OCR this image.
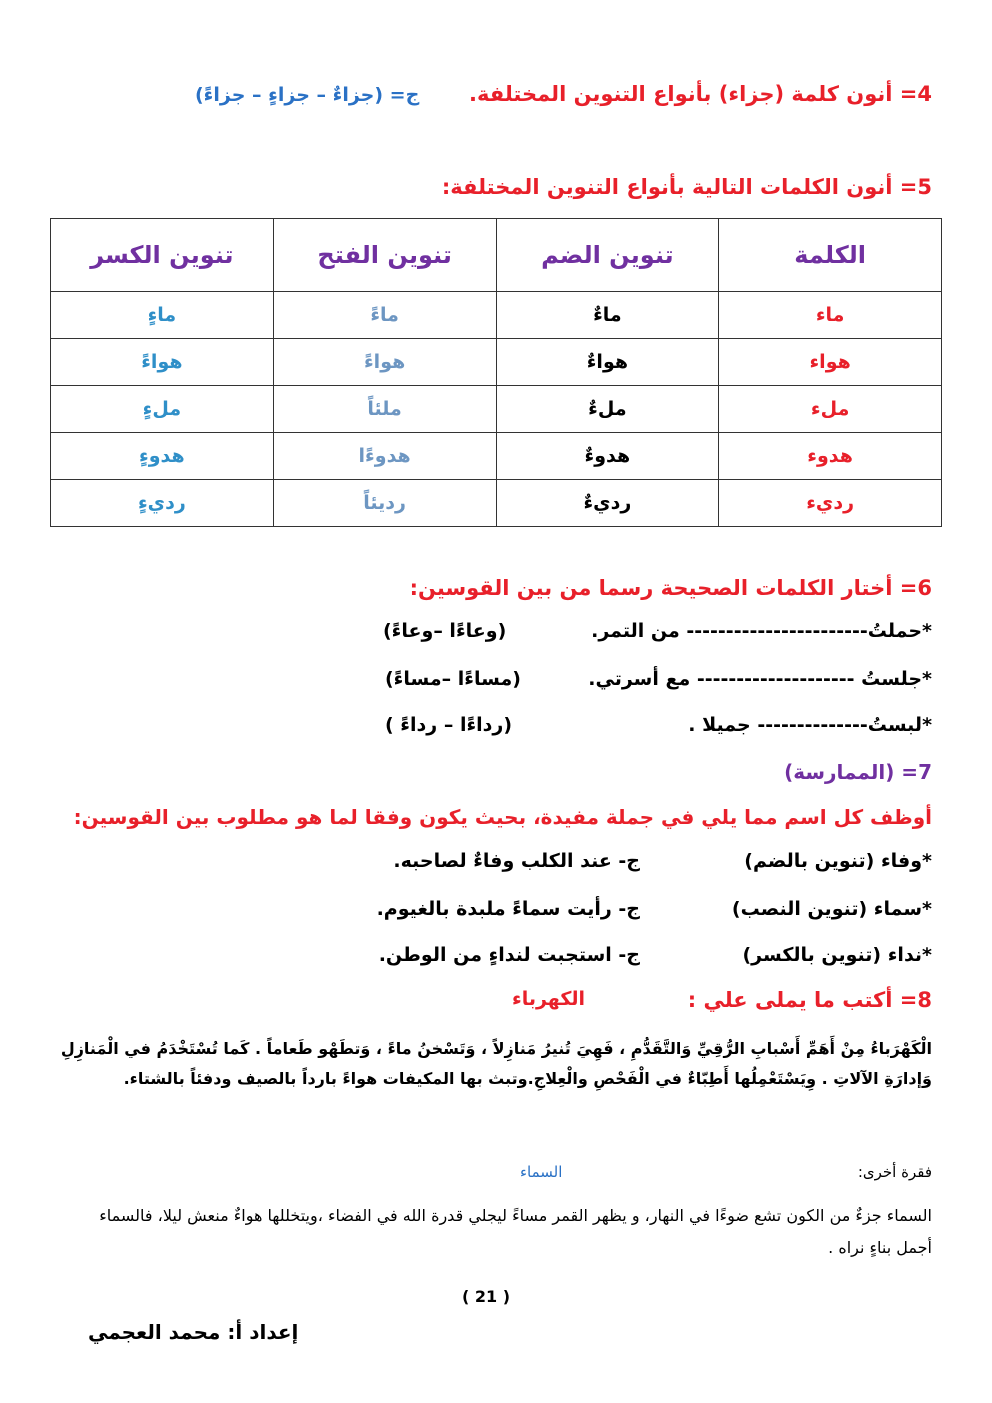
4= أنون كلمة (جزاء) بأنواع التنوين المختلفة.
ج= (جزاءٌ – جزاءٍ – جزاءً)
5= أنون الكلمات التالية بأنواع التنوين المختلفة:
الكلمة	تنوين الضم	تنوين الفتح	تنوين الكسر
ماء	ماءٌ	ماءً	ماءٍ
هواء	هواءٌ	هواءً	هواءً
ملء	ملءٌ	ملئاً	ملءٍ
هدوء	هدوءٌ	هدوءًا	هدوءٍ
رديء	رديءٌ	رديئاً	رديءٍ
6= أختار الكلمات الصحيحة رسما من بين القوسين:
*حملتُ----------------------- من التمر.
(وعاءًا –وعاءً)
*جلستُ -------------------- مع أسرتي.
(مساءًا –مساءً)
*لبستُ-------------- جميلا .
(رداءًا – رداءً )
7= (الممارسة)
أوظف كل اسم مما يلي في جملة مفيدة، بحيث يكون وفقا لما هو مطلوب بين القوسين:
*وفاء (تنوين بالضم)
ج- عند الكلب وفاءٌ لصاحبه.
*سماء (تنوين النصب)
ج- رأيت سماءً ملبدة بالغيوم.
*نداء (تنوين بالكسر)
ج- استجبت لنداءٍ من الوطن.
8= أكتب ما يملى علي :
الكهرباء
الْكَهْرَباءُ مِنْ أَهَمِّ أَسْبابِ الرُّقِيِّ وَالتَّقَدُّمِ ، فَهِيَ تُنيرُ مَنازِلاً ، وَتَسْخنُ ماءً ، وَتطَهْو طَعاماً . كَما تُسْتَخْدَمُ في الْمَنازِلِ وَإدارَةِ الآلاتِ . وِيَسْتَعْمِلُها أَطِبّاءٌ في الْفَحْصِ والْعِلاجِ.وتبث بها المكيفات هواءً بارداً بالصيف ودفئاً بالشتاء.
فقرة أخرى:
السماء
السماء جزءٌ من الكون تشع ضوءًا في النهار، و يظهر القمر مساءً ليجلي قدرة الله في الفضاء ،ويتخللها هواءٌ منعش ليلا، فالسماء أجمل بناءٍ نراه .
( 21 )
إعداد أ: محمد العجمي
